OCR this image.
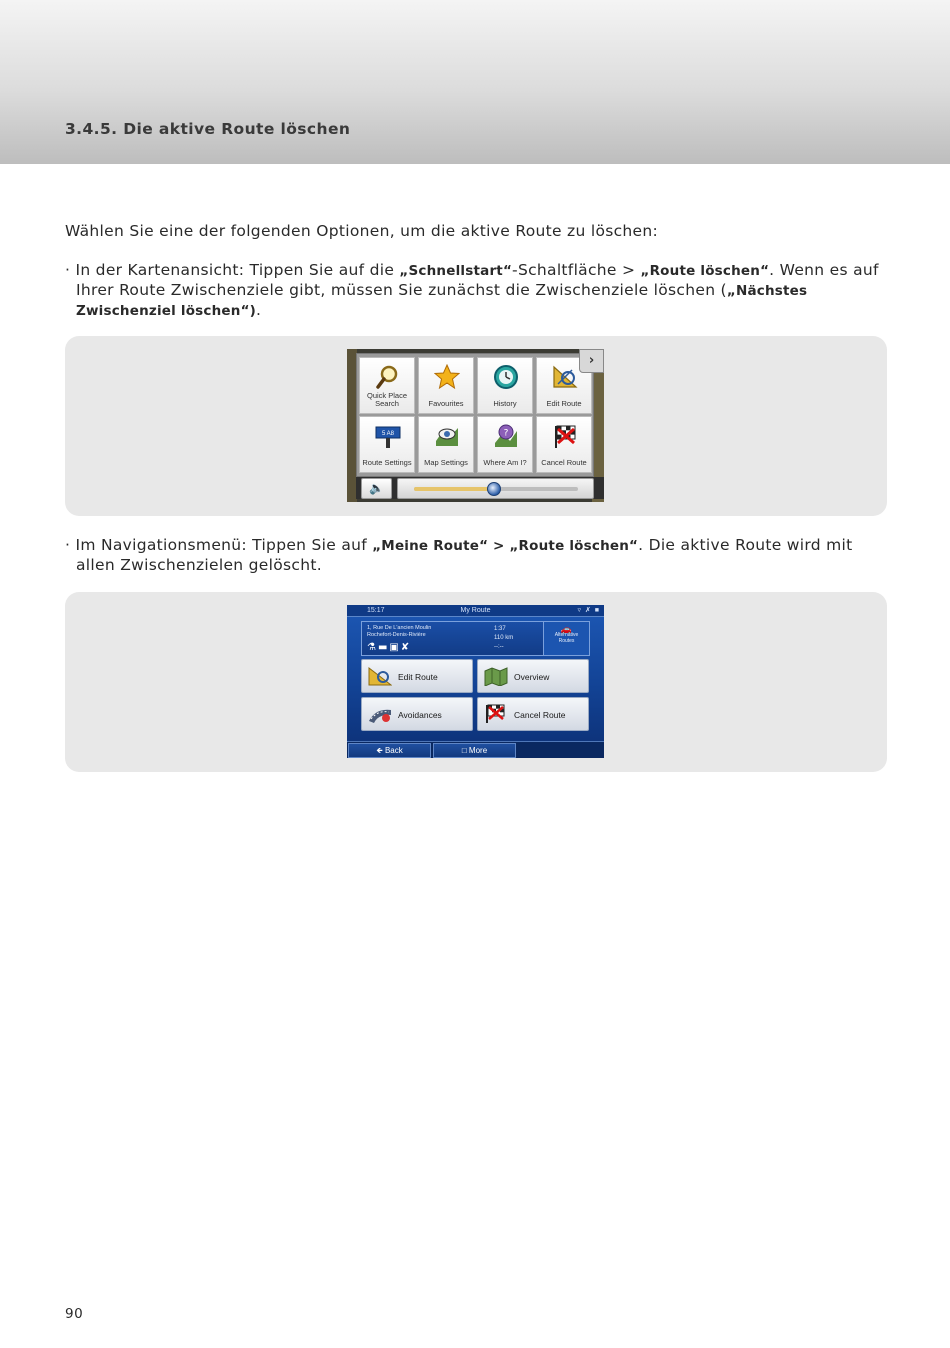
3.4.5. Die aktive Route löschen
Wählen Sie eine der folgenden Optionen, um die aktive Route zu löschen:
· In der Kartenansicht: Tippen Sie auf die „Schnellstart“-Schaltfläche > „Route löschen“. Wenn es auf Ihrer Route Zwischenziele gibt, müssen Sie zunächst die Zwischenziele löschen („Nächstes Zwischenziel löschen“).
Quick Place Search	Favourites	History	Edit Route
5 A8
Route Settings	Map Settings
?
Where Am I?	Cancel Route
›
🔈
· Im Navigationsmenü: Tippen Sie auf „Meine Route“ > „Route löschen“. Die aktive Route wird mit allen Zwischenzielen gelöscht.
15:17	My Route	▿ ✗ ■
1, Rue De L'ancien Moulin
Rochefort-Denis-Rivière
⚗▬▣✘
1:37
110 km
--:--
🚗
Alternative
Routes
Edit Route	Overview
Avoidances	Cancel Route
🡸 Back	□ More
90
